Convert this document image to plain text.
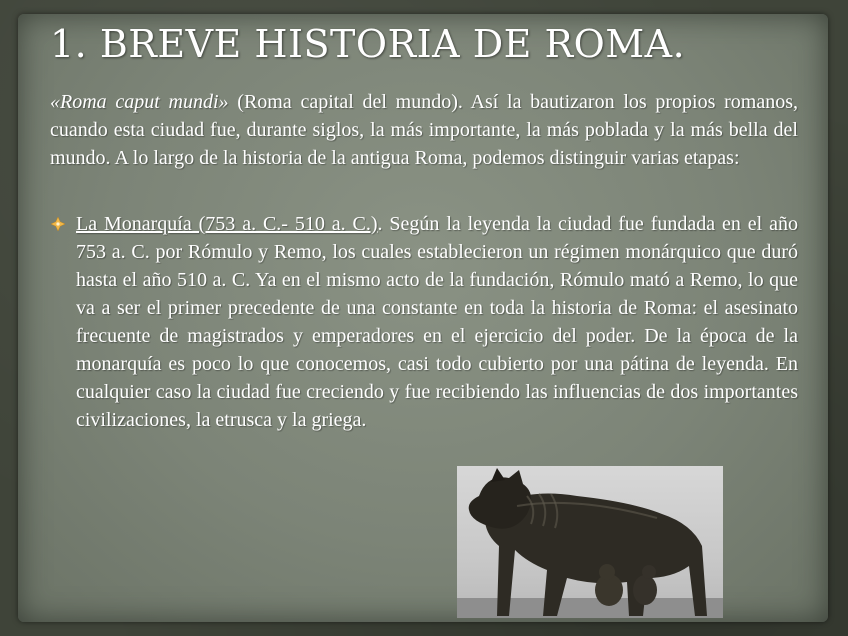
1. BREVE HISTORIA DE ROMA.
«Roma caput mundi» (Roma capital del mundo). Así la bautizaron los propios romanos, cuando esta ciudad fue, durante siglos, la más importante, la más poblada y la más bella del mundo. A lo largo de la historia de la antigua Roma, podemos distinguir varias etapas:
La Monarquía (753 a. C.- 510 a. C.). Según la leyenda la ciudad fue fundada en el año 753 a. C. por Rómulo y Remo, los cuales establecieron un régimen monárquico que duró hasta el año 510 a. C. Ya en el mismo acto de la fundación, Rómulo mató a Remo, lo que va a ser el primer precedente de una constante en toda la historia de Roma: el asesinato frecuente de magistrados y emperadores en el ejercicio del poder. De la época de la monarquía es poco lo que conocemos, casi todo cubierto por una pátina de leyenda. En cualquier caso la ciudad fue creciendo y fue recibiendo las influencias de dos importantes civilizaciones, la etrusca y la griega.
